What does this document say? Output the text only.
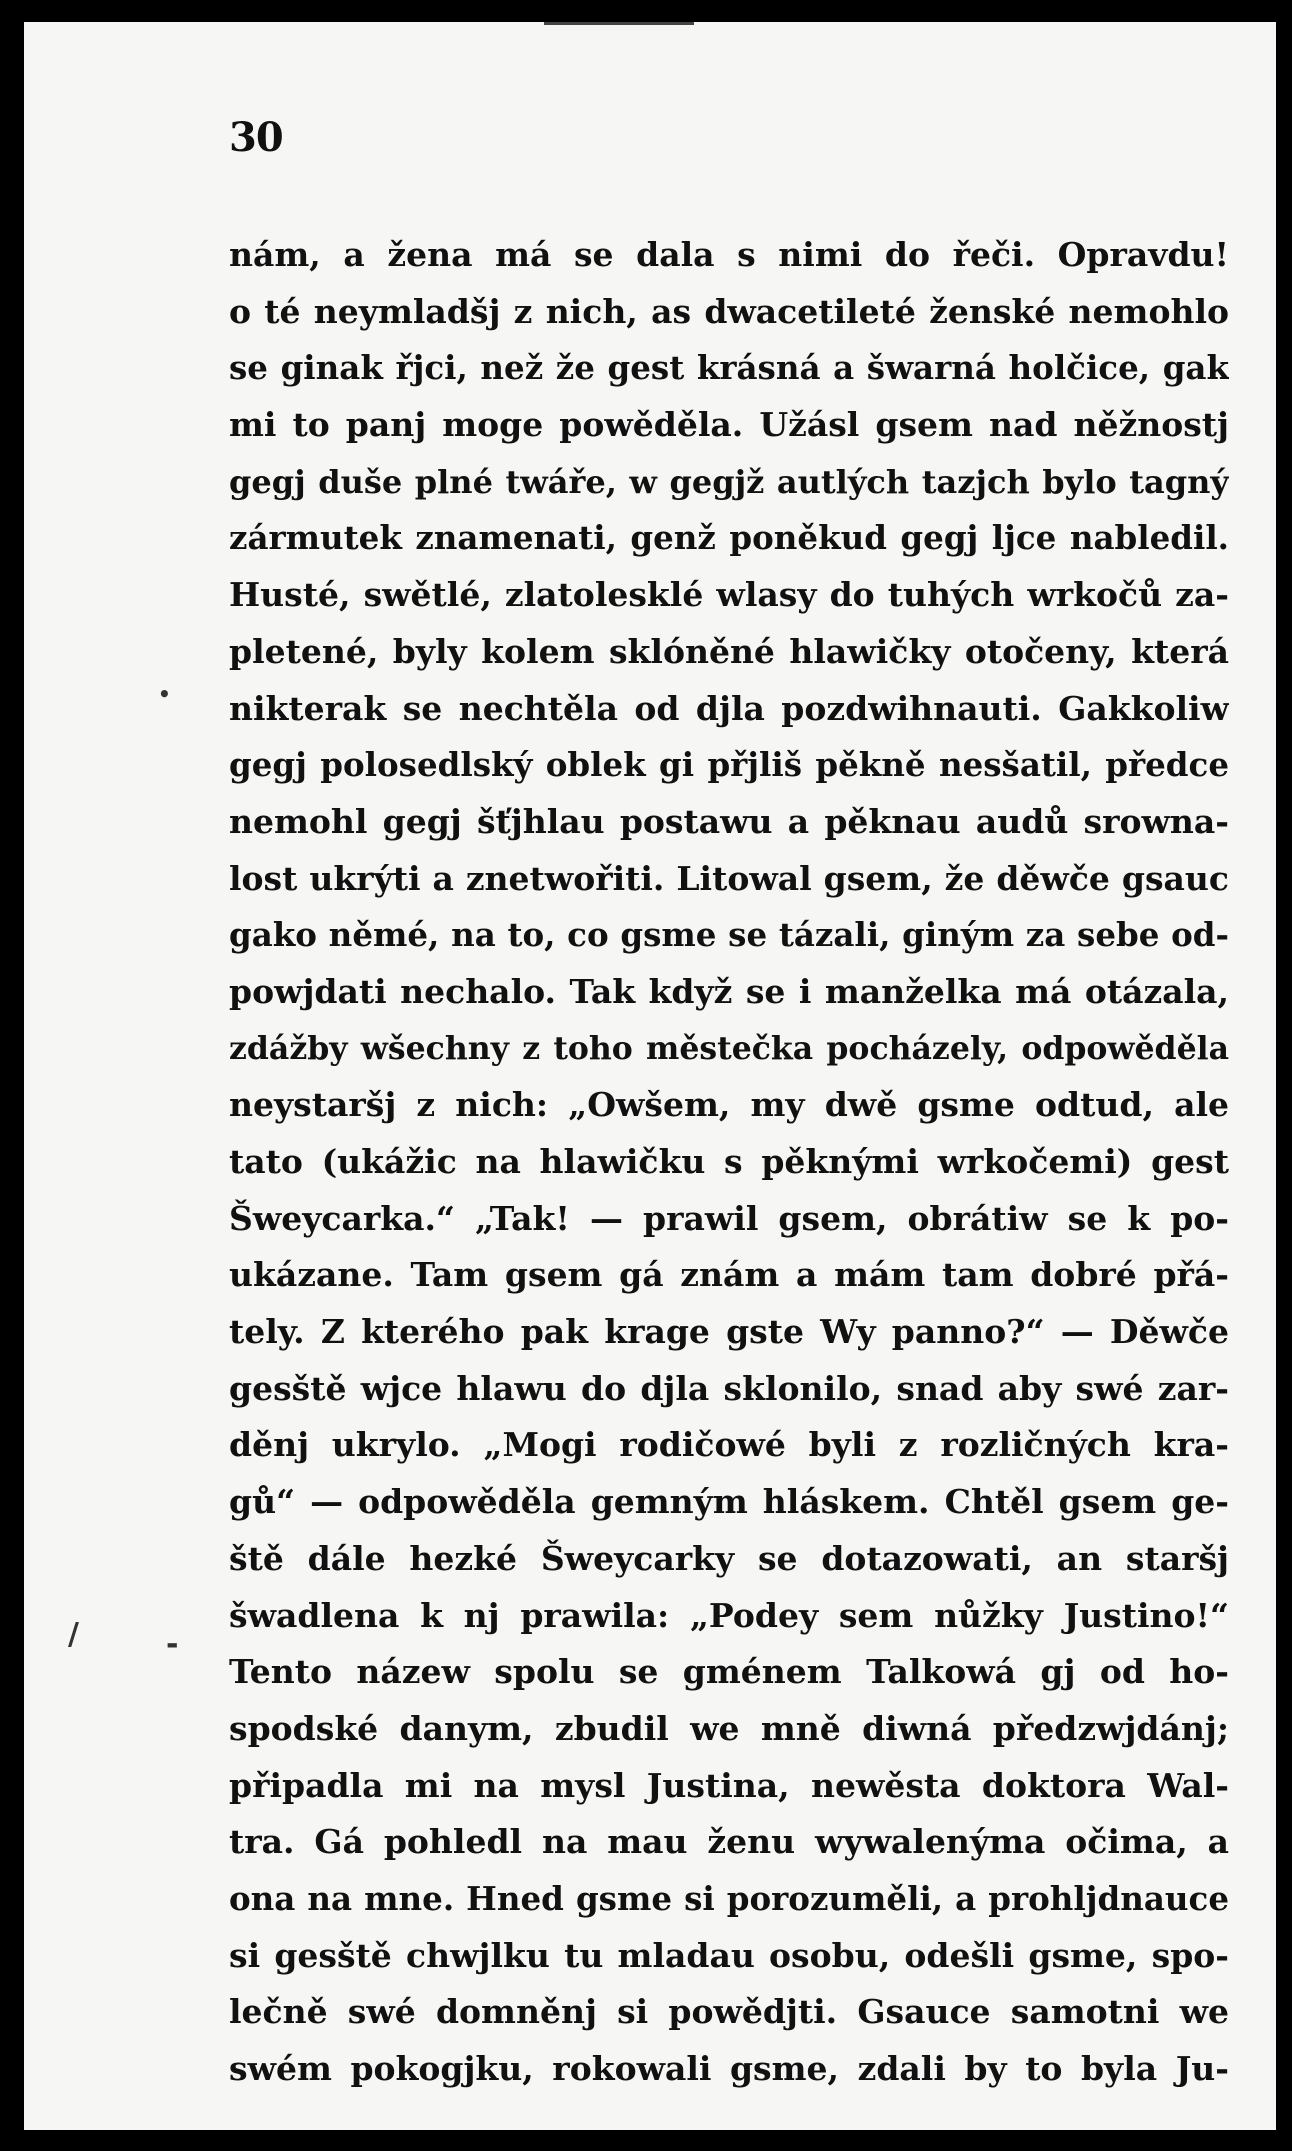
30
nám, a ženа má se dala s nimi do řeči. Opravdu!
o té neymladšj z nich, as dwacetileté ženské nemohlo
se ginak řjci, než že gest krásná a šwarná holčice, gak
mi to panj moge powěděla. Užásl gsem nad něžnostj
gegj duše plné twáře, w gegjž autlých tazjch bylo tagný
zármutek znamenati, genž poněkud gegj ljce nabledil.
Husté, swětlé, zlatolesklé wlasy do tuhých wrkočů za-
pletené, byly kolem sklóněné hlawičky otočeny, která
nikterak se nechtěla od djla pozdwihnauti. Gakkoliw
gegj polosedlský oblek gi přjliš pěkně nesšatil, předce
nemohl gegj šťjhlau postawu a pěknau audů srowna-
lost ukrýti a znetwořiti. Litowal gsem, že děwče gsauc
gako němé, na to, co gsme se tázali, giným za sebe od-
powjdati nechalo. Tak když se i manželka má otázala,
zdážby wšechny z toho městečka pocházely, odpowěděla
neystaršj z nich: „Owšem, my dwě gsme odtud, ale
tato (ukážic na hlawičku s pěknými wrkočemi) gest
Šweycarka.“ „Tak! — prawil gsem, obrátiw se k po-
ukázane. Tam gsem gá znám a mám tam dobré přá-
tely. Z kterého pak krage gste Wy panno?“ — Děwče
gesště wjce hlawu do djla sklonilo, snad aby swé zar-
děnj ukrylo. „Mogi rodičowé byli z rozličných kra-
gů“ — odpowěděla gemným hláskem. Chtěl gsem ge-
ště dále hezké Šweycarky se dotazowati, an staršj
šwadlena k nj prawila: „Podey sem nůžky Justino!“
Tento názew spolu se gménem Talkowá gj od ho-
spodské danym, zbudil we mně diwná předzwjdánj;
připadla mi na mysl Justina, newěsta doktora Wal-
tra. Gá pohledl na mau ženu wywalenýma očima, a
ona na mne. Hned gsme si porozuměli, a prohljdnauce
si gesště chwjlku tu mladau osobu, odešli gsme, spo-
lečně swé domněnj si powědjti. Gsauce samotni we
swém pokogjku, rokowali gsme, zdali by to byla Ju-
•
-
/
